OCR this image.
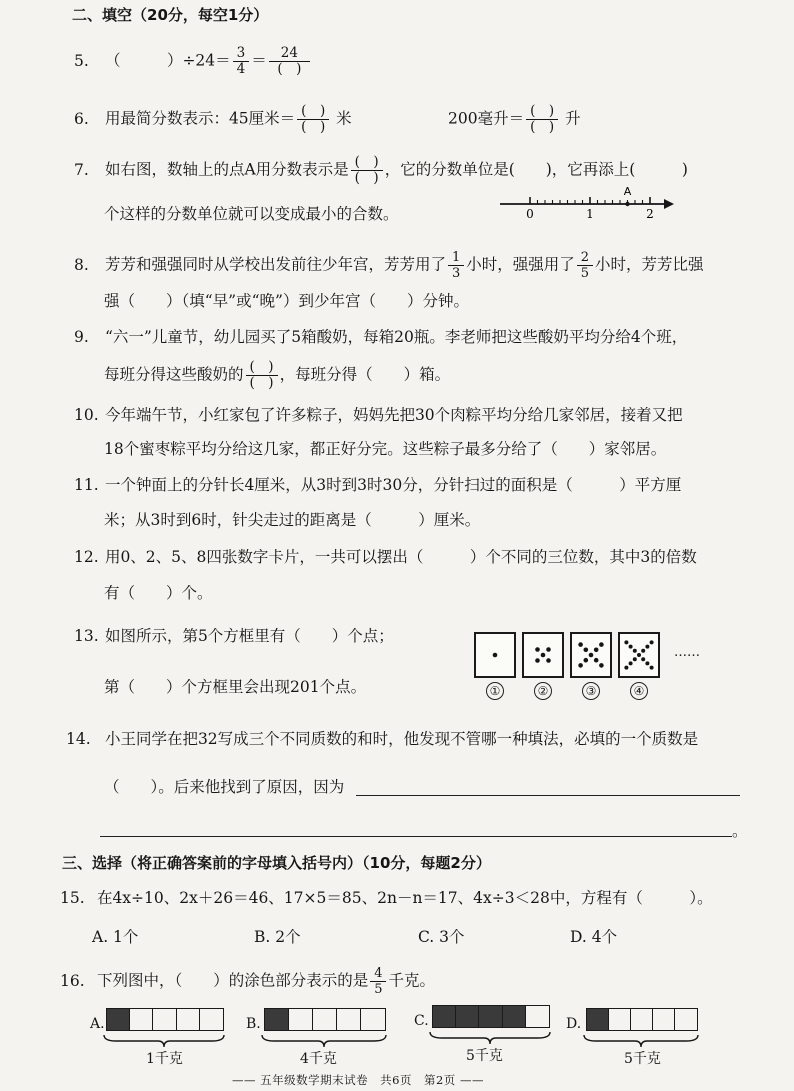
二、填空（20分，每空1分）
5. （　　　）$\div 24= \frac{3}{4} = \frac{24}{( )}$
6. 用最简分数表示：45厘米＝ $\frac{( )}{( )}$ 米	200毫升＝ $\frac{( )}{( )}$ 升
7. 如右图，数轴上的点A用分数表示是 $\frac{( )}{( )}$ ，它的分数单位是(　　)，它再添上(　　　)
个这样的分数单位就可以变成最小的合数。	0	1	2
A
8. 芳芳和强强同时从学校出发前往少年宫，芳芳用了 $\frac{1}{3}$ 小时，强强用了 $\frac{2}{5}$ 小时，芳芳比强
强（　　）（填“早”或“晚”）到少年宫（　　）分钟。
9. “六一”儿童节，幼儿园买了5箱酸奶，每箱20瓶。李老师把这些酸奶平均分给4个班，
每班分得这些酸奶的 $\frac{( )}{( )}$ ，每班分得（　　）箱。
10. 今年端午节，小红家包了许多粽子，妈妈先把30个肉粽平均分给几家邻居，接着又把
18个蜜枣粽平均分给这几家，都正好分完。这些粽子最多分给了（　　）家邻居。
11. 一个钟面上的分针长4厘米，从3时到3时30分，分针扫过的面积是（　　　）平方厘
米；从3时到6时，针尖走过的距离是（　　　）厘米。
12. 用0、2、5、8四张数字卡片，一共可以摆出（　　　）个不同的三位数，其中3的倍数
有（　　）个。
13. 如图所示，第5个方框里有（　　）个点；
第（　　）个方框里会出现201个点。	①	②	③	④
……
14. 小王同学在把32写成三个不同质数的和时，他发现不管哪一种填法，必填的一个质数是
（　　）。后来他找到了原因，因为
。
三、选择（将正确答案前的字母填入括号内）（10分，每题2分）
15. 在4x÷10、2x＋26＝46、17×5＝85、2n－n＝17、4x÷3＜28中，方程有（　　　）。
A. 1个	B. 2个	C. 3个	D. 4个
16. 下列图中，（　　）的涂色部分表示的是 $\frac{4}{5}$ 千克。
A.
1千克
B.
4千克
C.
5千克
D.
5千克
—— 五年级数学期末试卷　共6页　第2页 ——
